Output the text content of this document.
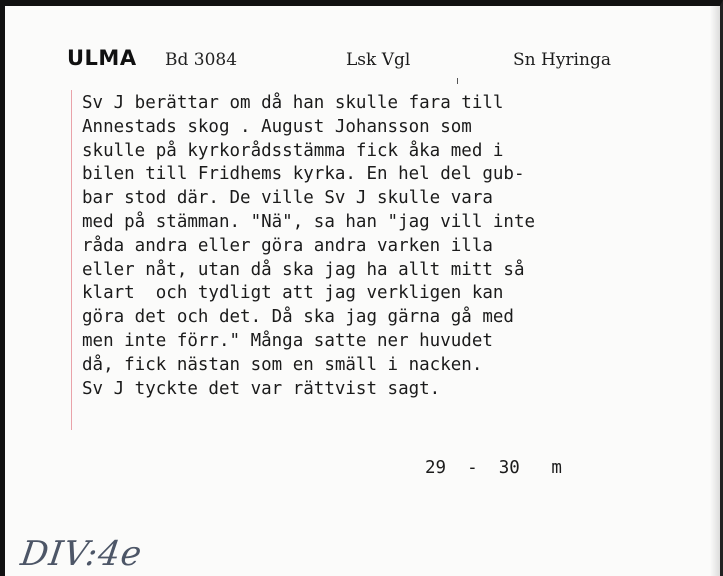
ULMA Bd 3084	Lsk Vgl	Sn Hyringa
Sv J berättar om då han skulle fara till
Annestads skog . August Johansson som
skulle på kyrkorådsstämma fick åka med i
bilen till Fridhems kyrka. En hel del gub-
bar stod där. De ville Sv J skulle vara
med på stämman. "Nä", sa han "jag vill inte
råda andra eller göra andra varken illa
eller nåt, utan då ska jag ha allt mitt så
klart  och tydligt att jag verkligen kan
göra det och det. Då ska jag gärna gå med
men inte förr." Många satte ner huvudet
då, fick nästan som en smäll i nacken.
Sv J tyckte det var rättvist sagt.
29  -  30   m
DIV:4e
